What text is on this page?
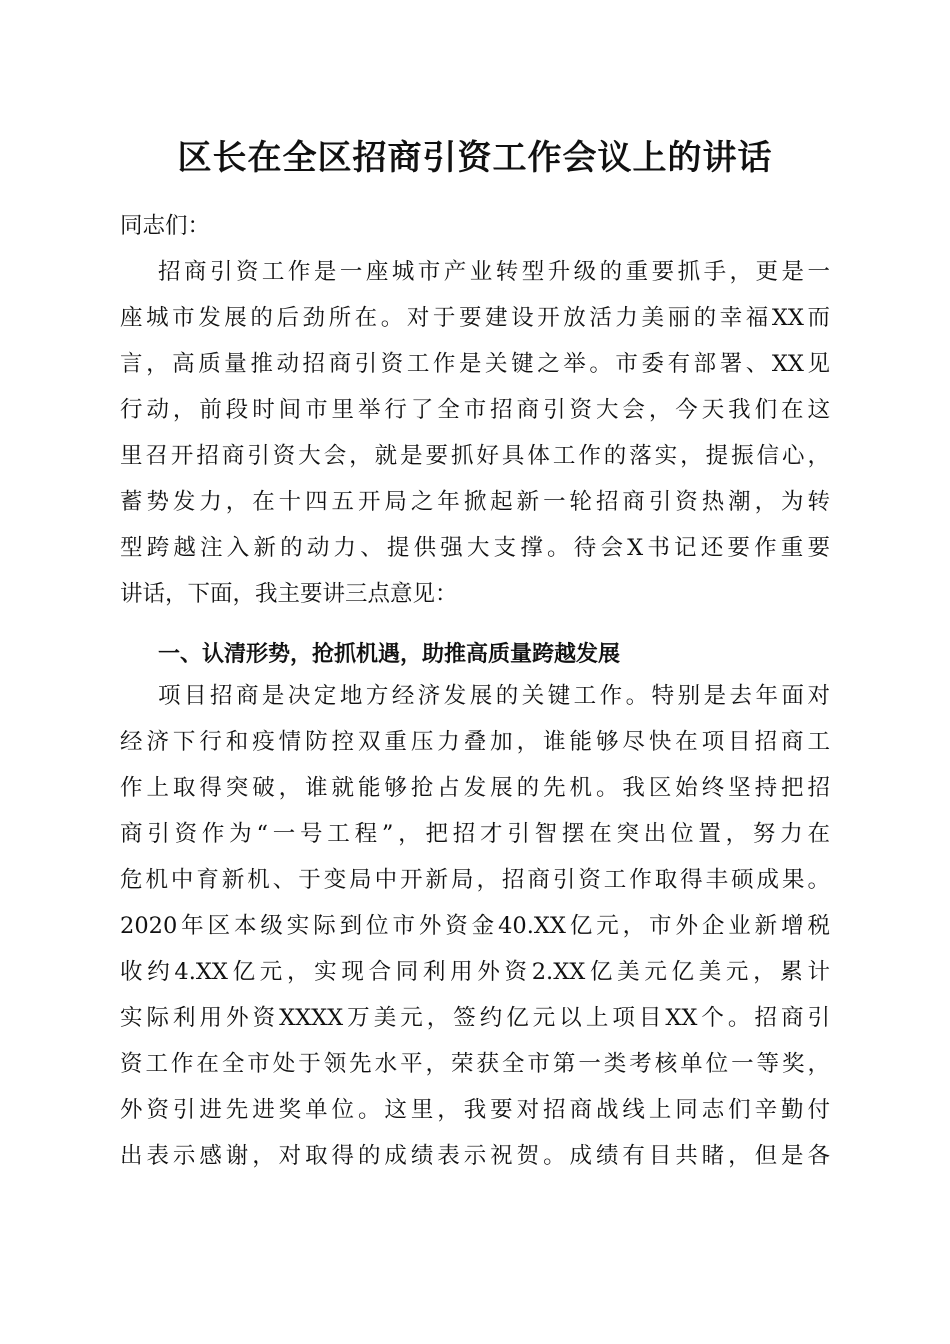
区长在全区招商引资工作会议上的讲话
同志们：
招商引资工作是一座城市产业转型升级的重要抓手，更是一
座城市发展的后劲所在。对于要建设开放活力美丽的幸福XX而
言，高质量推动招商引资工作是关键之举。市委有部署、XX见
行动，前段时间市里举行了全市招商引资大会，今天我们在这
里召开招商引资大会，就是要抓好具体工作的落实，提振信心，
蓄势发力，在十四五开局之年掀起新一轮招商引资热潮，为转
型跨越注入新的动力、提供强大支撑。待会X书记还要作重要
讲话，下面，我主要讲三点意见：
一、认清形势，抢抓机遇，助推高质量跨越发展
项目招商是决定地方经济发展的关键工作。特别是去年面对
经济下行和疫情防控双重压力叠加，谁能够尽快在项目招商工
作上取得突破，谁就能够抢占发展的先机。我区始终坚持把招
商引资作为“一号工程”，把招才引智摆在突出位置，努力在
危机中育新机、于变局中开新局，招商引资工作取得丰硕成果。
2020年区本级实际到位市外资金40.XX亿元，市外企业新增税
收约4.XX亿元，实现合同利用外资2.XX亿美元亿美元，累计
实际利用外资XXXX万美元，签约亿元以上项目XX个。招商引
资工作在全市处于领先水平，荣获全市第一类考核单位一等奖，
外资引进先进奖单位。这里，我要对招商战线上同志们辛勤付
出表示感谢，对取得的成绩表示祝贺。成绩有目共睹，但是各
